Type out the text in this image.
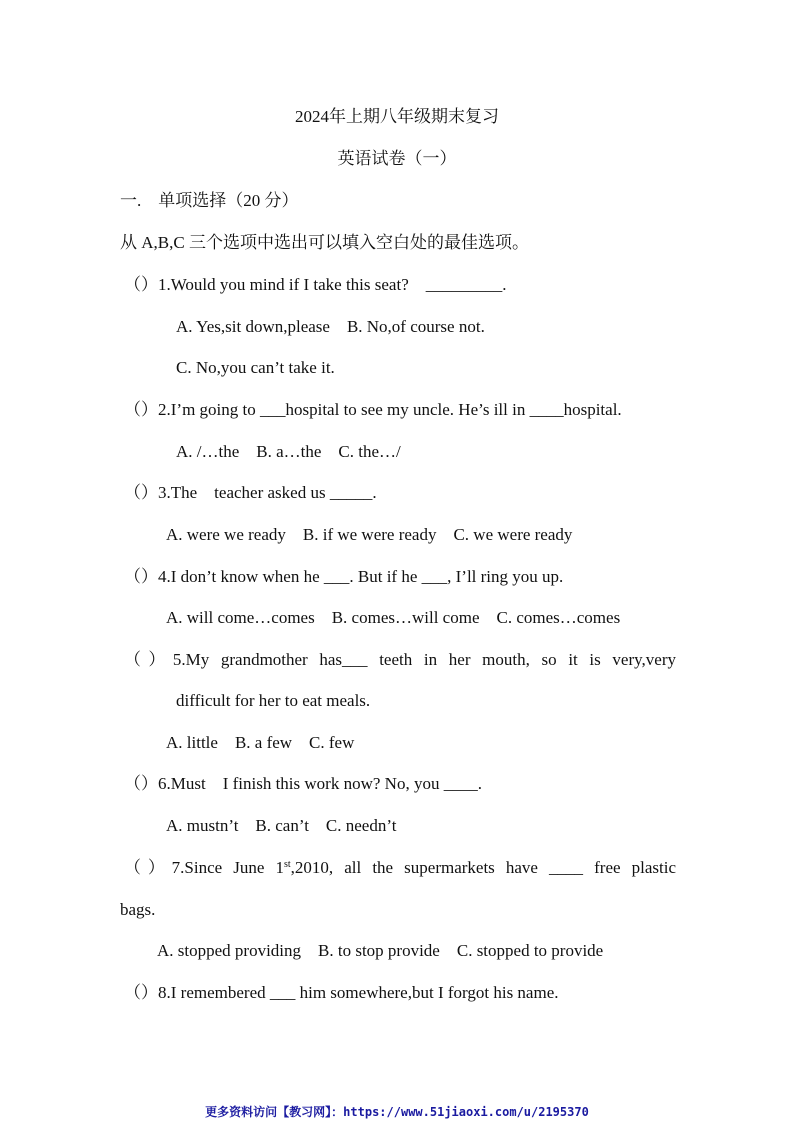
2024年上期八年级期末复习
英语试卷（一）
一.　单项选择（20 分）
从 A,B,C 三个选项中选出可以填入空白处的最佳选项。
（）1.Would you mind if I take this seat?　_________.
A. Yes,sit down,please　B. No,of course not.
C. No,you can’t take it.
（）2.I’m going to ___hospital to see my uncle. He’s ill in ____hospital.
A. /…the　B. a…the　C. the…/
（）3.The　teacher asked us _____.
A. were we ready　B. if we were ready　C. we were ready
（）4.I don’t know when he ___. But if he ___, I’ll ring you up.
A. will come…comes　B. comes…will come　C. comes…comes
（）5.My grandmother has___ teeth in her mouth, so it is very,very
difficult for her to eat meals.
A. little　B. a few　C. few
（）6.Must　I finish this work now? No, you ____.
A. mustn’t　B. can’t　C. needn’t
（）7.Since June 1st,2010, all the supermarkets have ____ free plastic
bags.
A. stopped providing　B. to stop provide　C. stopped to provide
（）8.I remembered ___ him somewhere,but I forgot his name.
更多资料访问【教习网】：https://www.51jiaoxi.com/u/2195370
